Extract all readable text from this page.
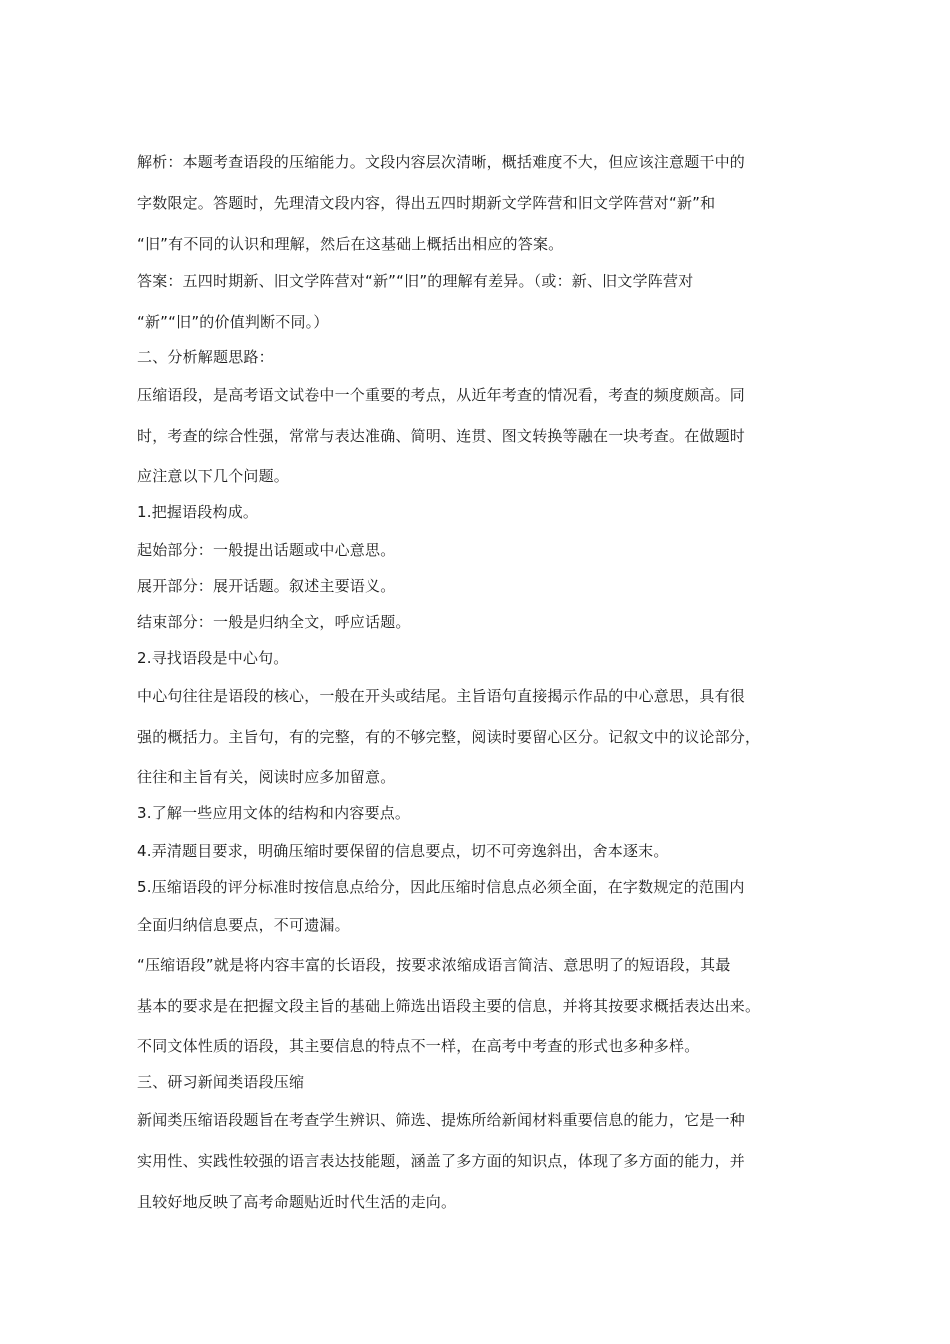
解析：本题考查语段的压缩能力。文段内容层次清晰，概括难度不大，但应该注意题干中的
字数限定。答题时，先理清文段内容，得出五四时期新文学阵营和旧文学阵营对“新”和
“旧”有不同的认识和理解，然后在这基础上概括出相应的答案。
答案：五四时期新、旧文学阵营对“新”“旧”的理解有差异。（或：新、旧文学阵营对
“新”“旧”的价值判断不同。）
二、分析解题思路：
压缩语段，是高考语文试卷中一个重要的考点，从近年考查的情况看，考查的频度颇高。同
时，考查的综合性强，常常与表达准确、简明、连贯、图文转换等融在一块考查。在做题时
应注意以下几个问题。
1.把握语段构成。
起始部分：一般提出话题或中心意思。
展开部分：展开话题。叙述主要语义。
结束部分：一般是归纳全文，呼应话题。
2.寻找语段是中心句。
中心句往往是语段的核心，一般在开头或结尾。主旨语句直接揭示作品的中心意思，具有很
强的概括力。主旨句，有的完整，有的不够完整，阅读时要留心区分。记叙文中的议论部分，
往往和主旨有关，阅读时应多加留意。
3.了解一些应用文体的结构和内容要点。
4.弄清题目要求，明确压缩时要保留的信息要点，切不可旁逸斜出，舍本逐末。
5.压缩语段的评分标准时按信息点给分，因此压缩时信息点必须全面，在字数规定的范围内
全面归纳信息要点，不可遗漏。
“压缩语段”就是将内容丰富的长语段，按要求浓缩成语言简洁、意思明了的短语段，其最
基本的要求是在把握文段主旨的基础上筛选出语段主要的信息，并将其按要求概括表达出来。
不同文体性质的语段，其主要信息的特点不一样，在高考中考查的形式也多种多样。
三、研习新闻类语段压缩
新闻类压缩语段题旨在考查学生辨识、筛选、提炼所给新闻材料重要信息的能力，它是一种
实用性、实践性较强的语言表达技能题，涵盖了多方面的知识点，体现了多方面的能力，并
且较好地反映了高考命题贴近时代生活的走向。
